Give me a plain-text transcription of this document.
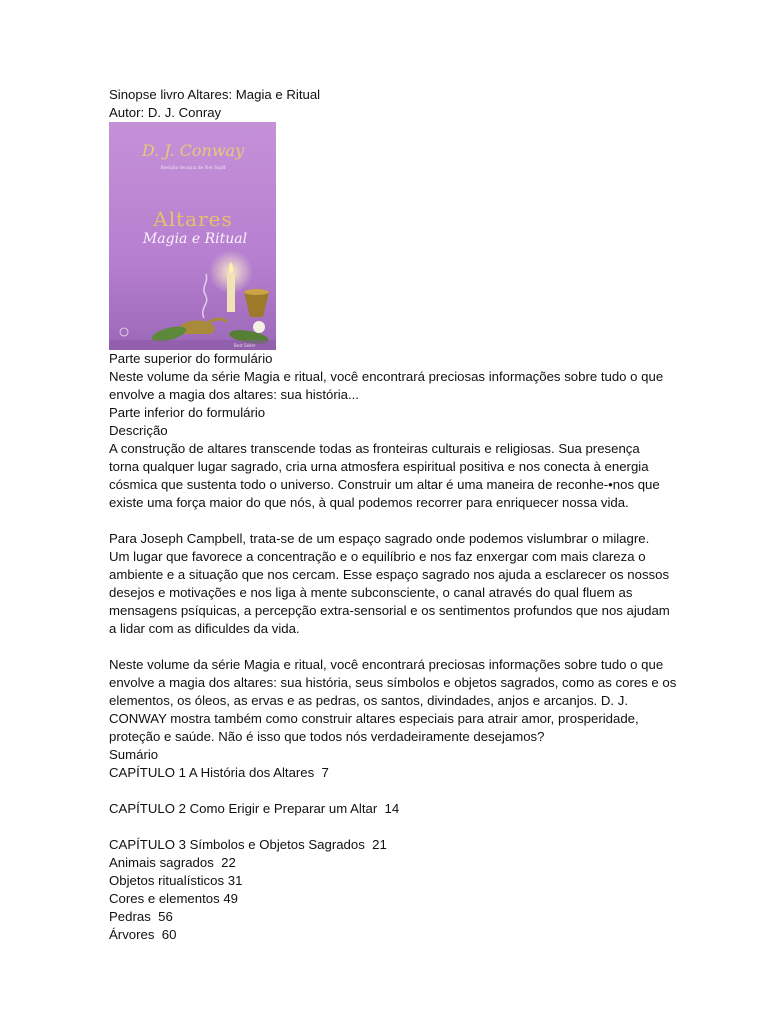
Sinopse livro Altares: Magia e Ritual
Autor: D. J. Conray
D. J. Conway
Revisão técnica de Nei Naiff
Altares
Magia e Ritual
Best Seller
Parte superior do formulário
Neste volume da série Magia e ritual, você encontrará preciosas informações sobre tudo o que
envolve a magia dos altares: sua história...
Parte inferior do formulário
Descrição
A construção de altares transcende todas as fronteiras culturais e religiosas. Sua presença
torna qualquer lugar sagrado, cria urna atmosfera espiritual positiva e nos conecta à energia
cósmica que sustenta todo o universo. Construir um altar é uma maneira de reconhe-•nos que
existe uma força maior do que nós, à qual podemos recorrer para enriquecer nossa vida.
Para Joseph Campbell, trata-se de um espaço sagrado onde podemos vislumbrar o milagre.
Um lugar que favorece a concentração e o equilíbrio e nos faz enxergar com mais clareza o
ambiente e a situação que nos cercam. Esse espaço sagrado nos ajuda a esclarecer os nossos
desejos e motivações e nos liga à mente subconsciente, o canal através do qual fluem as
mensagens psíquicas, a percepção extra-sensorial e os sentimentos profundos que nos ajudam
a lidar com as dificuldes da vida.
Neste volume da série Magia e ritual, você encontrará preciosas informações sobre tudo o que
envolve a magia dos altares: sua história, seus símbolos e objetos sagrados, como as cores e os
elementos, os óleos, as ervas e as pedras, os santos, divindades, anjos e arcanjos. D. J.
CONWAY mostra também como construir altares especiais para atrair amor, prosperidade,
proteção e saúde. Não é isso que todos nós verdadeiramente desejamos?
Sumário
CAPÍTULO 1 A História dos Altares  7
CAPÍTULO 2 Como Erigir e Preparar um Altar  14
CAPÍTULO 3 Símbolos e Objetos Sagrados  21
Animais sagrados  22
Objetos ritualísticos 31
Cores e elementos 49
Pedras  56
Árvores  60
